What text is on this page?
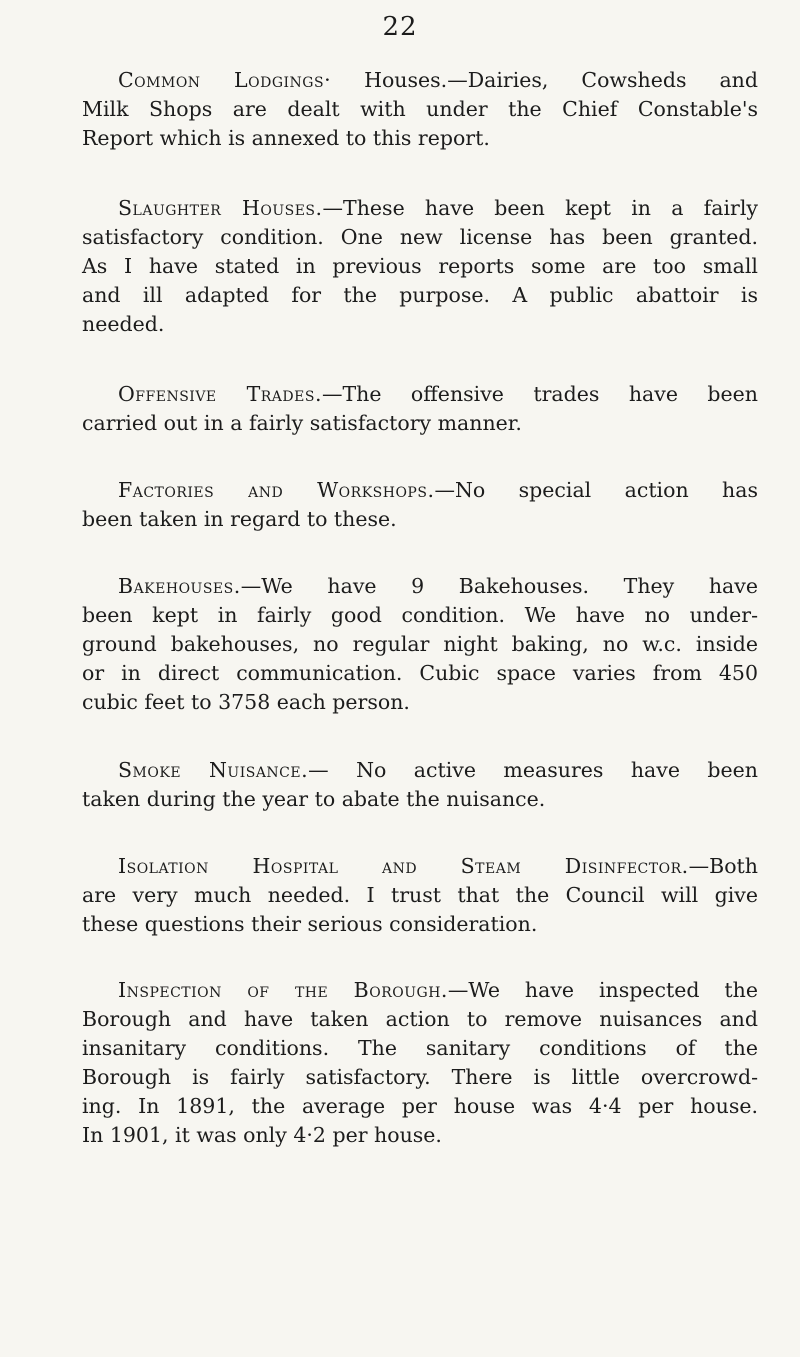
22

Common Lodgings· Houses.—Dairies, Cowsheds and
Milk Shops are dealt with under the Chief Constable's
Report which is annexed to this report.

Slaughter Houses.—These have been kept in a fairly
satisfactory condition. One new license has been granted.
As I have stated in previous reports some are too small
and ill adapted for the purpose. A public abattoir is
needed.

Offensive Trades.—The offensive trades have been
carried out in a fairly satisfactory manner.

Factories and Workshops.—No special action has
been taken in regard to these.

Bakehouses.—We have 9 Bakehouses. They have
been kept in fairly good condition. We have no under-
ground bakehouses, no regular night baking, no w.c. inside
or in direct communication. Cubic space varies from 450
cubic feet to 3758 each person.

Smoke Nuisance.— No active measures have been
taken during the year to abate the nuisance.

Isolation Hospital and Steam Disinfector.—Both
are very much needed. I trust that the Council will give
these questions their serious consideration.

Inspection of the Borough.—We have inspected the
Borough and have taken action to remove nuisances and
insanitary conditions. The sanitary conditions of the
Borough is fairly satisfactory. There is little overcrowd-
ing. In 1891, the average per house was 4·4 per house.
In 1901, it was only 4·2 per house.
